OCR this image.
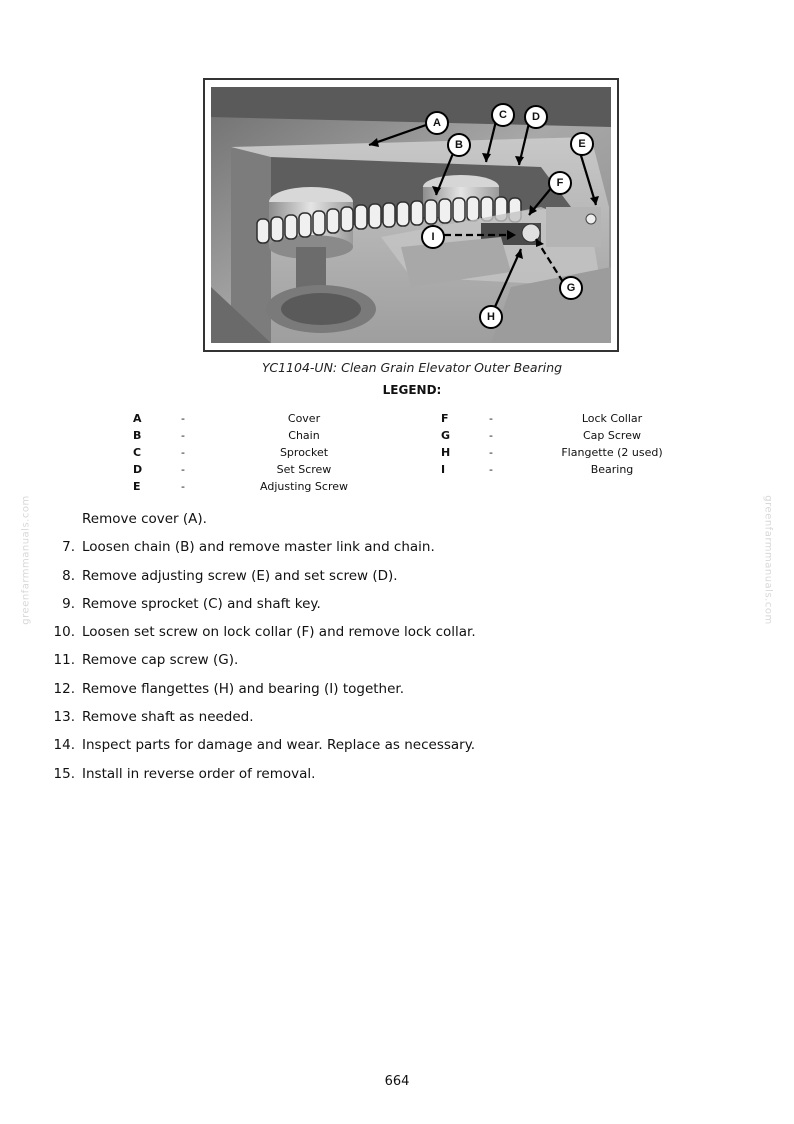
A
B
C	D
E
F
G
H
I
YC1104-UN: Clean Grain Elevator Outer Bearing
LEGEND:
A	-	Cover
B	-	Chain
C	-	Sprocket
D	-	Set Screw
E	-	Adjusting Screw
F	-	Lock Collar
G	-	Cap Screw
H	-	Flangette (2 used)
I	-	Bearing
Remove cover (A).
7. Loosen chain (B) and remove master link and chain.
8. Remove adjusting screw (E) and set screw (D).
9. Remove sprocket (C) and shaft key.
10. Loosen set screw on lock collar (F) and remove lock collar.
11. Remove cap screw (G).
12. Remove flangettes (H) and bearing (I) together.
13. Remove shaft as needed.
14. Inspect parts for damage and wear. Replace as necessary.
15. Install in reverse order of removal.
greenfarmmanuals.com	greenfarmmanuals.com
664
